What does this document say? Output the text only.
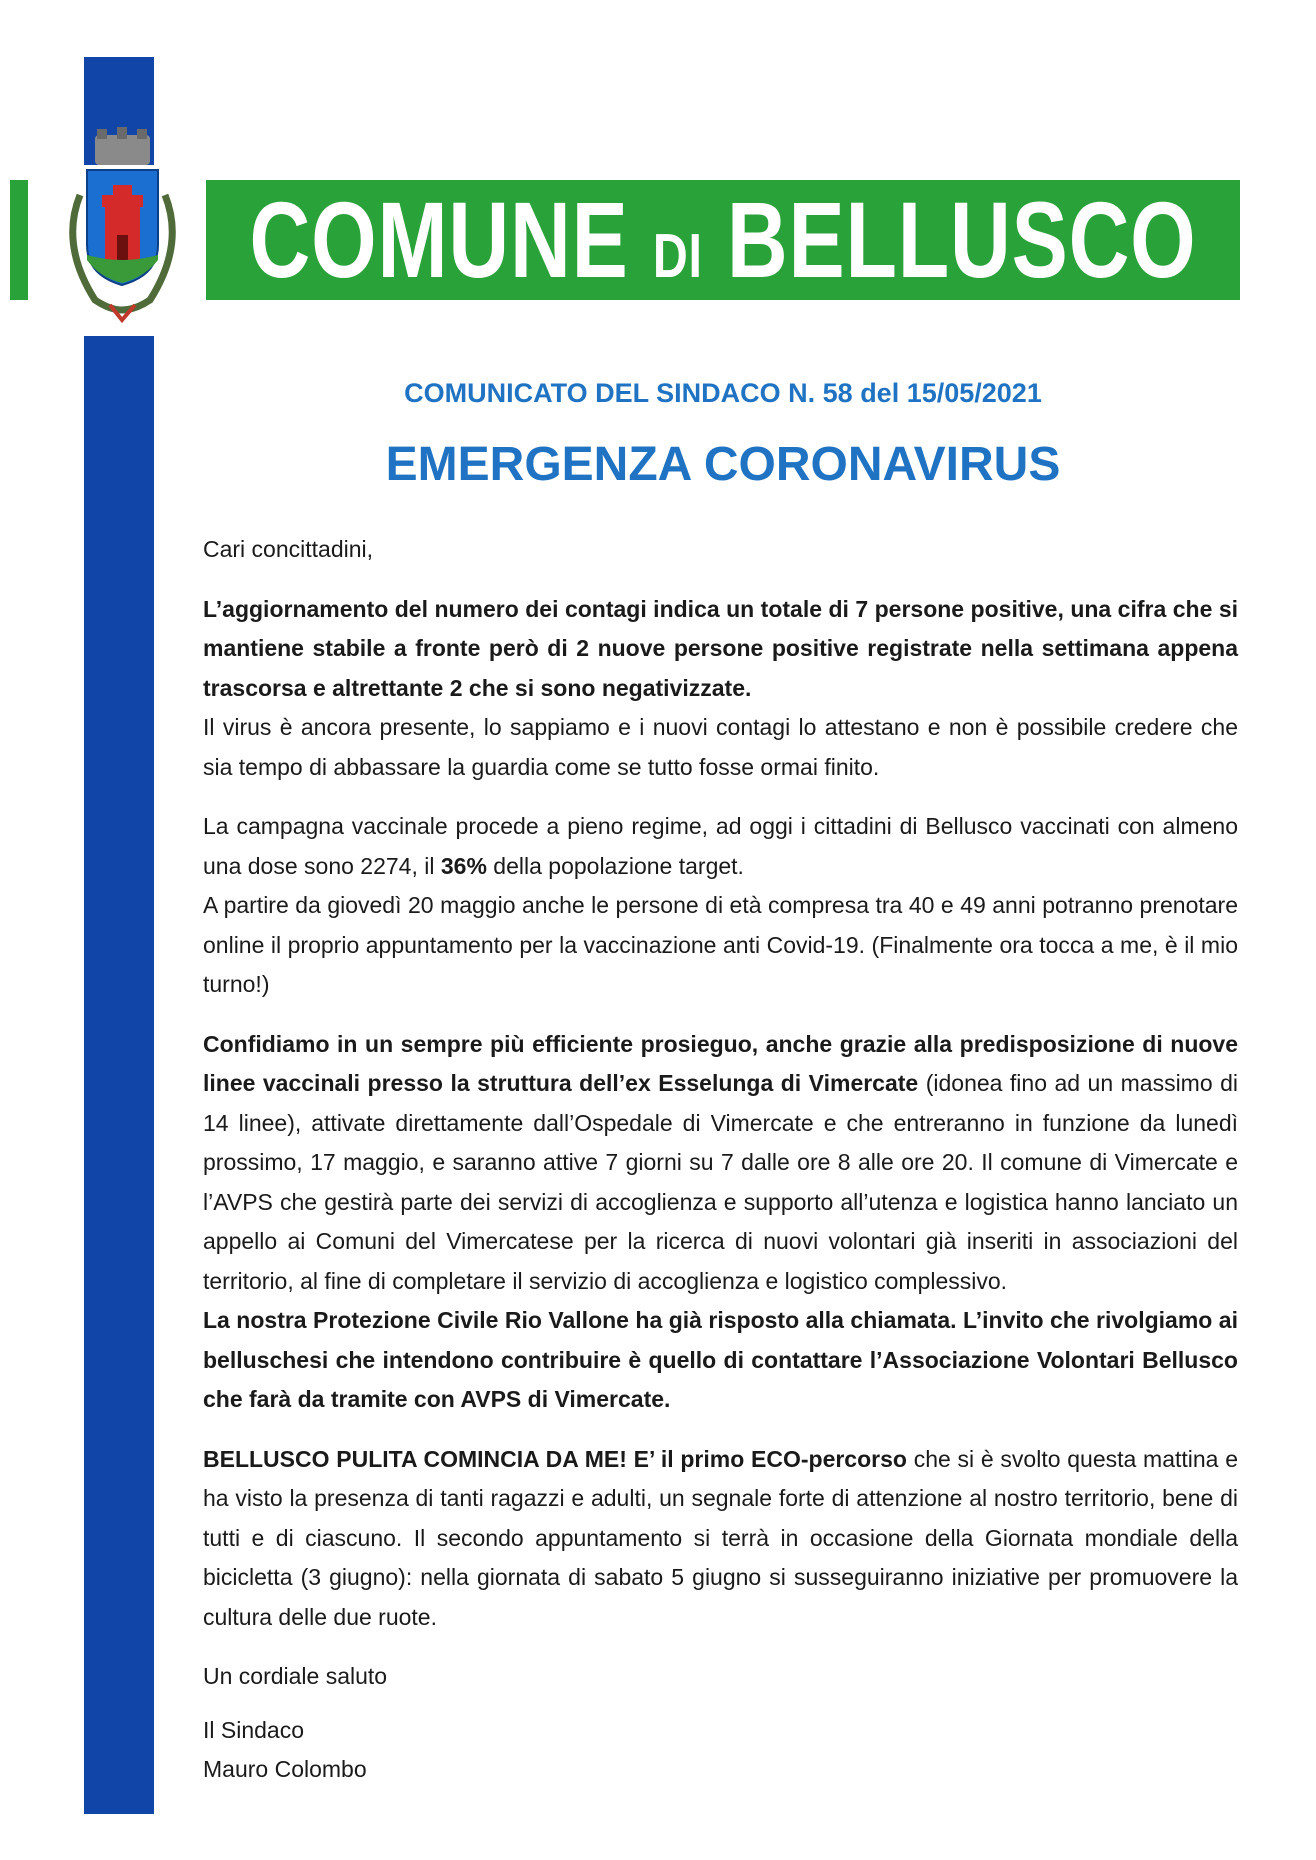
COMUNE DI BELLUSCO
COMUNICATO DEL SINDACO N. 58 del 15/05/2021
EMERGENZA CORONAVIRUS

Cari concittadini,

L’aggiornamento del numero dei contagi indica un totale di 7 persone positive, una cifra che si mantiene stabile a fronte però di 2 nuove persone positive registrate nella settimana appena trascorsa e altrettante 2 che si sono negativizzate.

Il virus è ancora presente, lo sappiamo e i nuovi contagi lo attestano e non è possibile credere che sia tempo di abbassare la guardia come se tutto fosse ormai finito.

La campagna vaccinale procede a pieno regime, ad oggi i cittadini di Bellusco vaccinati con almeno una dose sono 2274, il 36% della popolazione target.

A partire da giovedì 20 maggio anche le persone di età compresa tra 40 e 49 anni potranno prenotare online il proprio appuntamento per la vaccinazione anti Covid-19. (Finalmente ora tocca a me, è il mio turno!)

Confidiamo in un sempre più efficiente prosieguo, anche grazie alla predisposizione di nuove linee vaccinali presso la struttura dell’ex Esselunga di Vimercate (idonea fino ad un massimo di 14 linee), attivate direttamente dall’Ospedale di Vimercate e che entreranno in funzione da lunedì prossimo, 17 maggio, e saranno attive 7 giorni su 7 dalle ore 8 alle ore 20. Il comune di Vimercate e l’AVPS che gestirà parte dei servizi di accoglienza e supporto all’utenza e logistica hanno lanciato un appello ai Comuni del Vimercatese per la ricerca di nuovi volontari già inseriti in associazioni del territorio, al fine di completare il servizio di accoglienza e logistico complessivo.

La nostra Protezione Civile Rio Vallone ha già risposto alla chiamata. L’invito che rivolgiamo ai belluschesi che intendono contribuire è quello di contattare l’Associazione Volontari Bellusco che farà da tramite con AVPS di Vimercate.

BELLUSCO PULITA COMINCIA DA ME! E’ il primo ECO-percorso che si è svolto questa mattina e ha visto la presenza di tanti ragazzi e adulti, un segnale forte di attenzione al nostro territorio, bene di tutti e di ciascuno. Il secondo appuntamento si terrà in occasione della Giornata mondiale della bicicletta (3 giugno): nella giornata di sabato 5 giugno si susseguiranno iniziative per promuovere la cultura delle due ruote.

Un cordiale saluto

Il Sindaco

Mauro Colombo
